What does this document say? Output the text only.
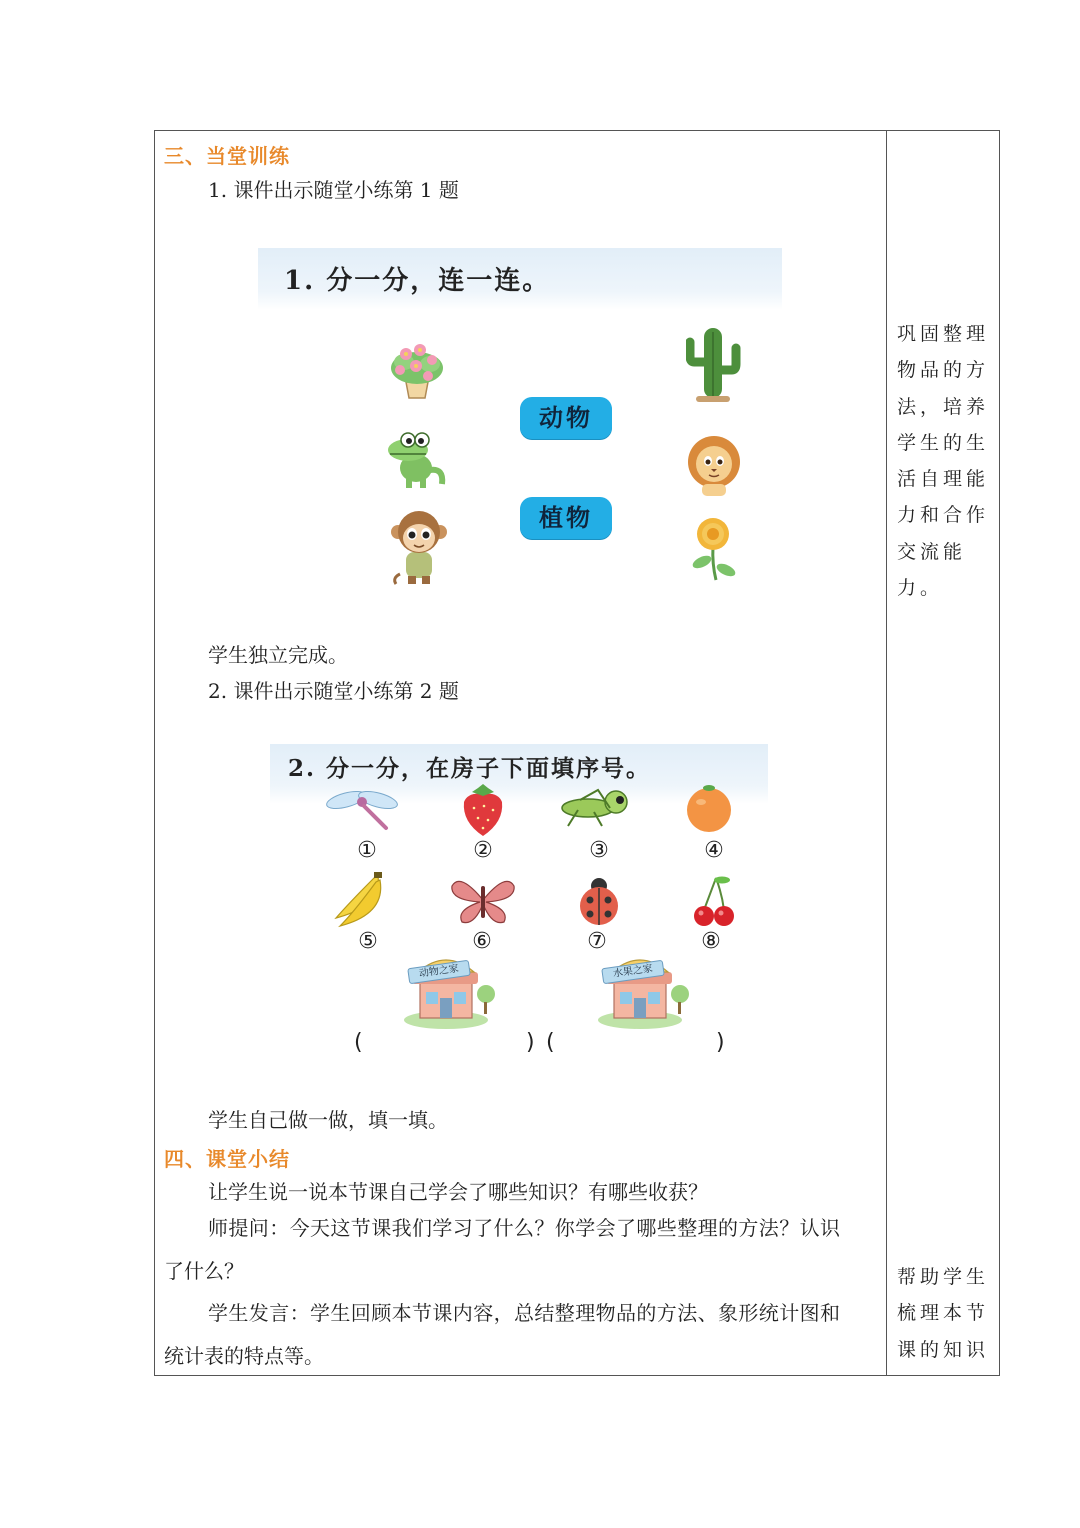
三、当堂训练
1. 课件出示随堂小练第 1 题
1. 分一分，连一连。
动物
植物
学生独立完成。
2. 课件出示随堂小练第 2 题
2. 分一分，在房子下面填序号。
①	②	③	④
⑤	⑥	⑦	⑧
动物之家	水果之家
(	) (	)
学生自己做一做，填一填。
四、课堂小结
让学生说一说本节课自己学会了哪些知识？有哪些收获？
师提问：今天这节课我们学习了什么？你学会了哪些整理的方法？认识
了什么？
学生发言：学生回顾本节课内容，总结整理物品的方法、象形统计图和
统计表的特点等。
巩固整理物品的方法，培养学生的生活自理能力和合作交流能力。
帮助学生梳理本节课的知识
